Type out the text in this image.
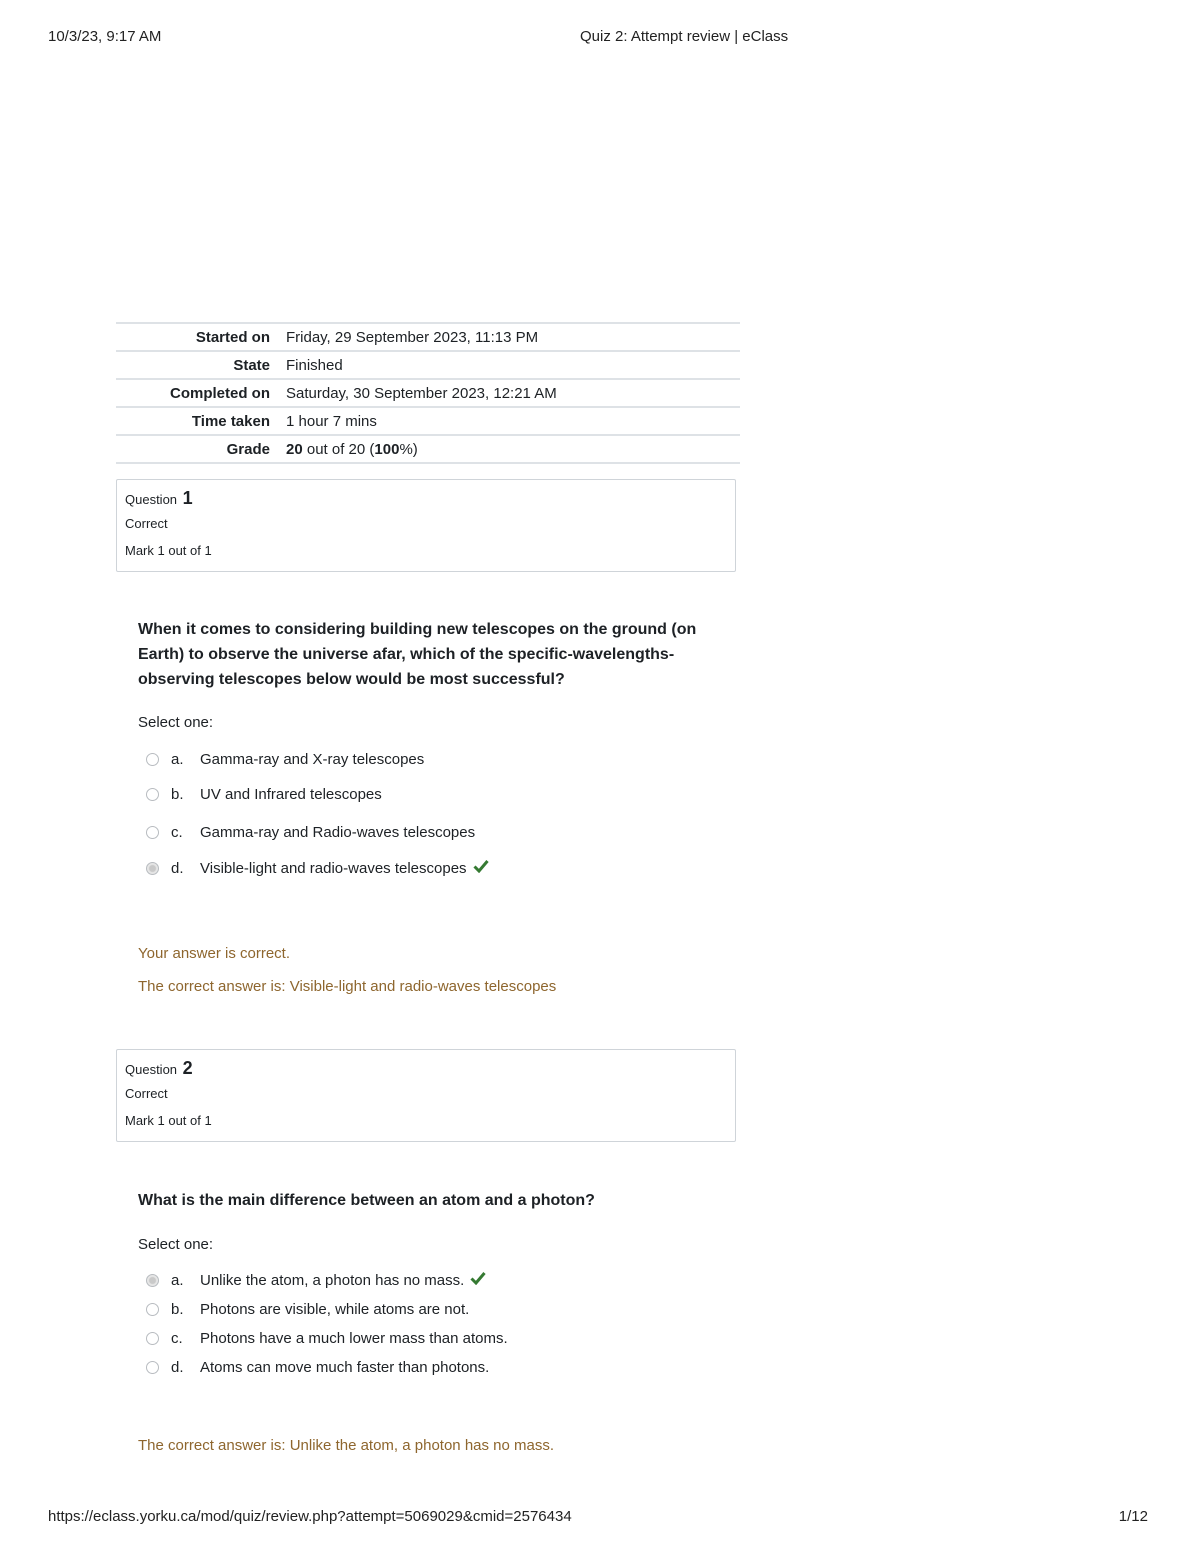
10/3/23, 9:17 AM	Quiz 2: Attempt review | eClass
Started on	Friday, 29 September 2023, 11:13 PM
State	Finished
Completed on	Saturday, 30 September 2023, 12:21 AM
Time taken	1 hour 7 mins
Grade	20 out of 20 (100%)
Question 1
Correct
Mark 1 out of 1
When it comes to considering building new telescopes on the ground (on Earth) to observe the universe afar, which of the specific-wavelengths-observing telescopes below would be most successful?
Select one:
a.	Gamma-ray and X-ray telescopes
b.	UV and Infrared telescopes
c.	Gamma-ray and Radio-waves telescopes
d.	Visible-light and radio-waves telescopes
Your answer is correct.
The correct answer is: Visible-light and radio-waves telescopes
Question 2
Correct
Mark 1 out of 1
What is the main difference between an atom and a photon?
Select one:
a.	Unlike the atom, a photon has no mass.
b.	Photons are visible, while atoms are not.
c.	Photons have a much lower mass than atoms.
d.	Atoms can move much faster than photons.
The correct answer is: Unlike the atom, a photon has no mass.
https://eclass.yorku.ca/mod/quiz/review.php?attempt=5069029&cmid=2576434	1/12
